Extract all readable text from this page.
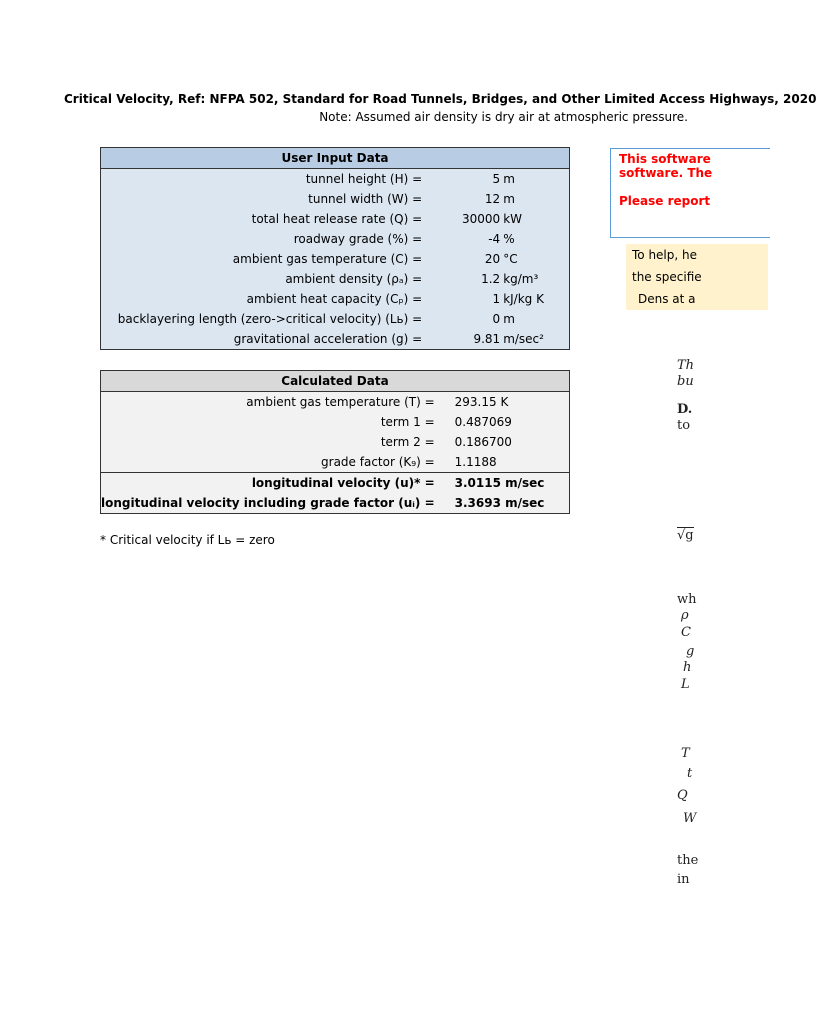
Critical Velocity, Ref: NFPA 502, Standard for Road Tunnels, Bridges, and Other Limited Access Highways, 2020
Note: Assumed air density is dry air at atmospheric pressure.
User Input Data	
tunnel height (H) =	5 m
tunnel width (W) =	12 m
total heat release rate (Q) =	30000 kW
roadway grade (%) =	-4 %
ambient gas temperature (C) =	20 °C
ambient density (ρₐ) =	1.2 kg/m³
ambient heat capacity (Cₚ) =	1 kJ/kg K
backlayering length (zero->critical velocity) (Lь) =	0 m
gravitational acceleration (g) =	9.81 m/sec²
Calculated Data	
ambient gas temperature (T) =	293.15 K
term 1 =	0.487069
term 2 =	0.186700
grade factor (K₉) =	1.1188
longitudinal velocity (u)* =	3.0115 m/sec
longitudinal velocity including grade factor (uᵢ) =	3.3693 m/sec
* Critical velocity if Lь = zero
This software
software. The
Please report
To help, he
the specifie
Dens at a
Th
bu
D.
to
√g
wh
ρ
C
g
h
L
T
t
Q
W
the
in
